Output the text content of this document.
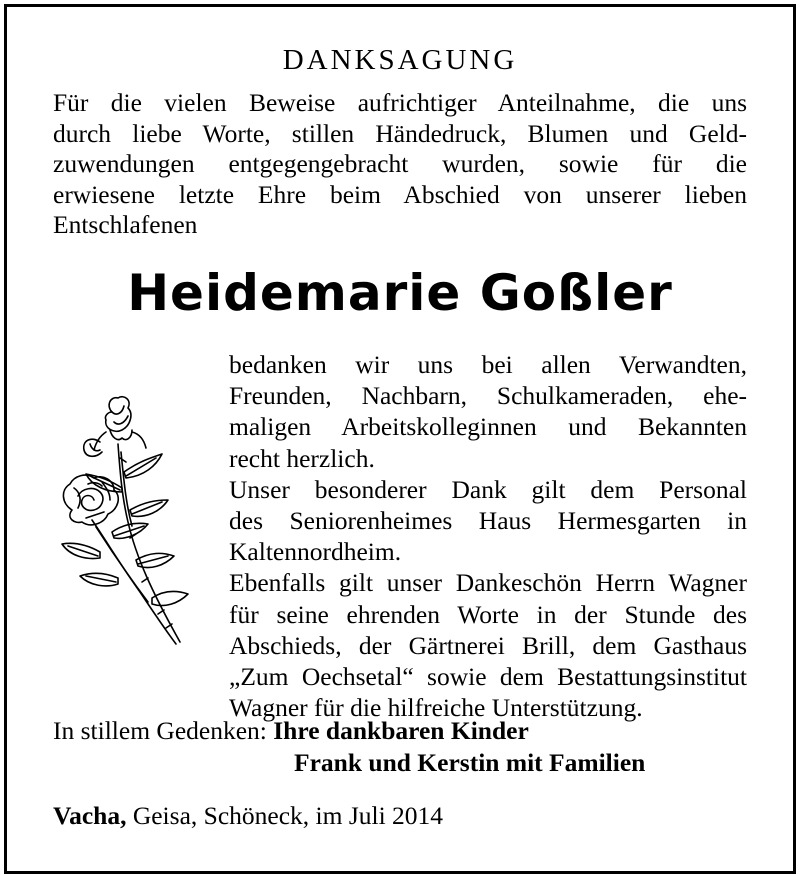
DANKSAGUNG
Für die vielen Beweise aufrichtiger Anteilnahme, die uns
durch liebe Worte, stillen Händedruck, Blumen und Geld-
zuwendungen entgegengebracht wurden, sowie für die
erwiesene letzte Ehre beim Abschied von unserer lieben
Entschlafenen
Heidemarie Goßler
bedanken wir uns bei allen Verwandten,
Freunden, Nachbarn, Schulkameraden, ehe-
maligen Arbeitskolleginnen und Bekannten
recht herzlich.
Unser besonderer Dank gilt dem Personal
des Seniorenheimes Haus Hermesgarten in
Kaltennordheim.
Ebenfalls gilt unser Dankeschön Herrn Wagner
für seine ehrenden Worte in der Stunde des
Abschieds, der Gärtnerei Brill, dem Gasthaus
„Zum Oechsetal“ sowie dem Bestattungsinstitut
Wagner für die hilfreiche Unterstützung.
In stillem Gedenken: Ihre dankbaren Kinder
Frank und Kerstin mit Familien
Vacha, Geisa, Schöneck, im Juli 2014
